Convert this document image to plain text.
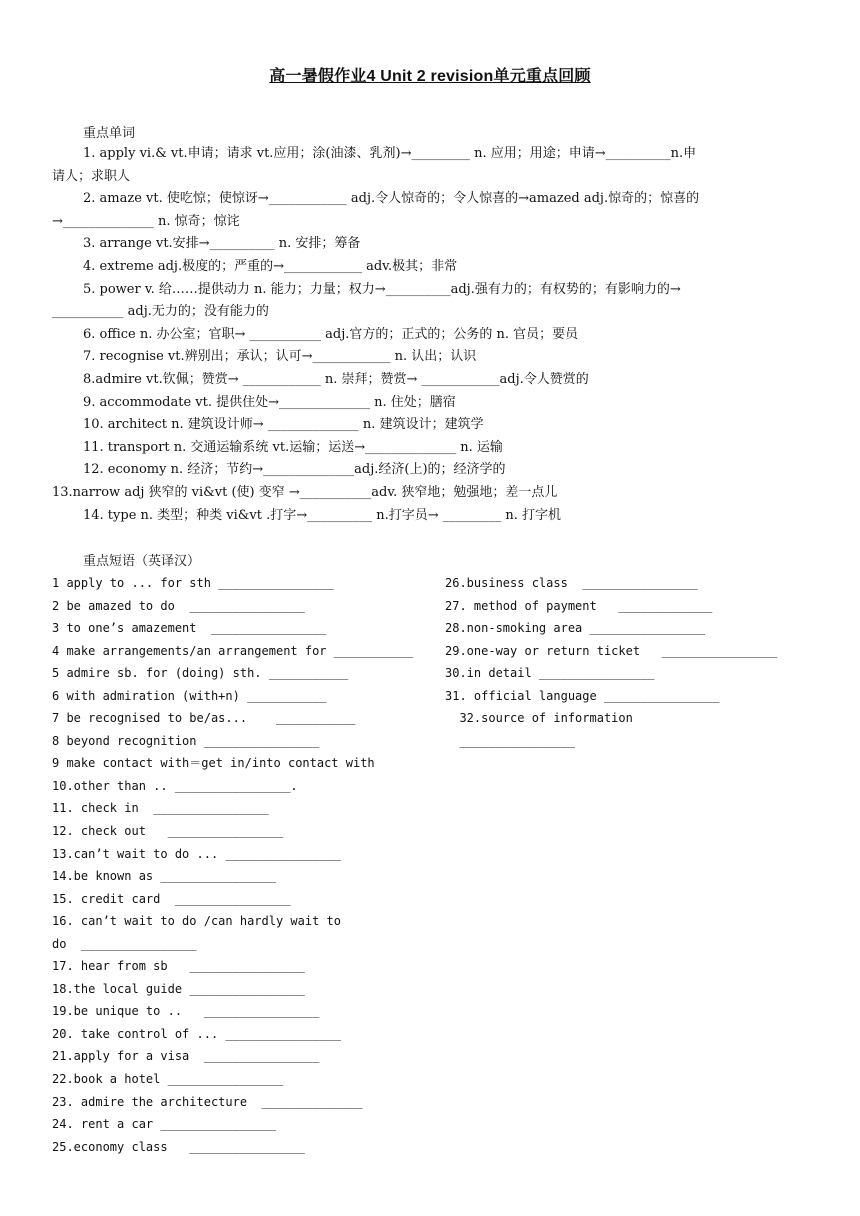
高一暑假作业4 Unit 2 revision单元重点回顾
重点单词
1. apply vi.& vt.申请；请求 vt.应用；涂(油漆、乳剂)→_________ n. 应用；用途；申请→__________n.申
请人；求职人
2. amaze vt. 使吃惊；使惊讶→____________ adj.令人惊奇的；令人惊喜的→amazed adj.惊奇的；惊喜的
→______________ n. 惊奇；惊诧
3. arrange vt.安排→__________ n. 安排；筹备
4. extreme adj.极度的；严重的→____________ adv.极其；非常
5. power v. 给……提供动力 n. 能力；力量；权力→__________adj.强有力的；有权势的；有影响力的→
___________ adj.无力的；没有能力的
6. office n. 办公室；官职→ ___________ adj.官方的；正式的；公务的 n. 官员；要员
7. recognise vt.辨别出；承认；认可→____________ n. 认出；认识
8.admire vt.钦佩；赞赏→ ____________ n. 崇拜；赞赏→ ____________adj.令人赞赏的
9. accommodate vt. 提供住处→______________ n. 住处；膳宿
10. architect n. 建筑设计师→ ______________ n. 建筑设计；建筑学
11. transport n. 交通运输系统 vt.运输；运送→______________ n. 运输
12. economy n. 经济；节约→______________adj.经济(上)的；经济学的
13.narrow adj 狭窄的 vi&vt (使) 变窄 →___________adv. 狭窄地；勉强地；差一点儿
14. type n. 类型；种类 vi&vt .打字→__________ n.打字员→ _________ n. 打字机
重点短语（英译汉）
1 apply to ... for sth ________________
2 be amazed to do  ________________
3 to one’s amazement  ________________
4 make arrangements/an arrangement for ___________
5 admire sb. for (doing) sth. ___________
6 with admiration (with+n) ___________
7 be recognised to be/as...    ___________
8 beyond recognition ________________
9 make contact with＝get in/into contact with
10.other than .. ________________.
11. check in  ________________
12. check out   ________________
13.can’t wait to do ... ________________
14.be known as ________________
15. credit card  ________________
16. can’t wait to do /can hardly wait to
do  ________________
17. hear from sb   ________________
18.the local guide ________________
19.be unique to ..   ________________
20. take control of ... ________________
21.apply for a visa  ________________
22.book a hotel ________________
23. admire the architecture  ______________
24. rent a car ________________
25.economy class   ________________
26.business class  ________________
27. method of payment   _____________
28.non-smoking area ________________
29.one-way or return ticket   ________________
30.in detail ________________
31. official language ________________
32.source of information
________________
